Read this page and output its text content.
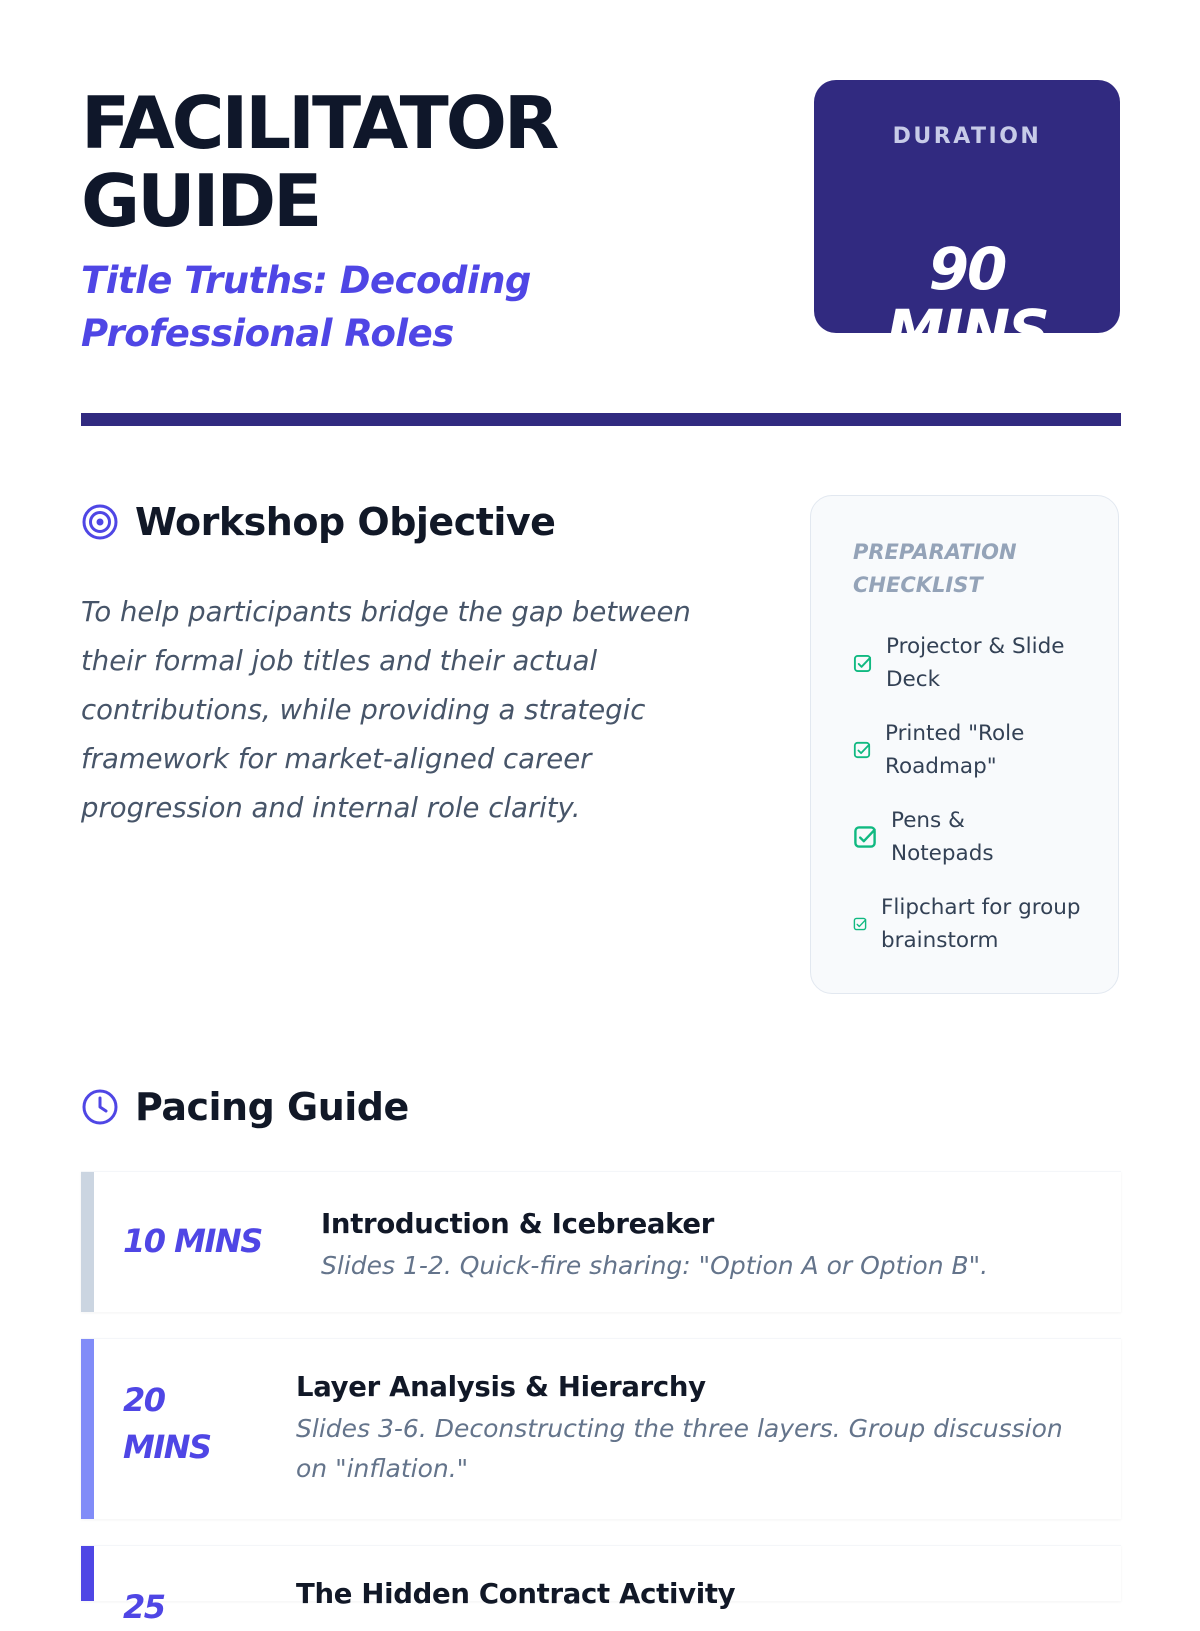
FACILITATOR GUIDE

Title Truths: Decoding Professional Roles

DURATION
90
MINS
Workshop Objective

To help participants bridge the gap between their formal job titles and their actual contributions, while providing a strategic framework for market-aligned career progression and internal role clarity.

PREPARATION CHECKLIST
Projector & Slide Deck
Printed "Role Roadmap"
Pens & Notepads
Flipchart for group brainstorm
Pacing Guide
10 MINS Introduction & Icebreaker
Slides 1-2. Quick-fire sharing: "Option A or Option B".
20
MINS
Layer Analysis & Hierarchy
Slides 3-6. Deconstructing the three layers. Group discussion on "inflation."
25	The Hidden Contract Activity
